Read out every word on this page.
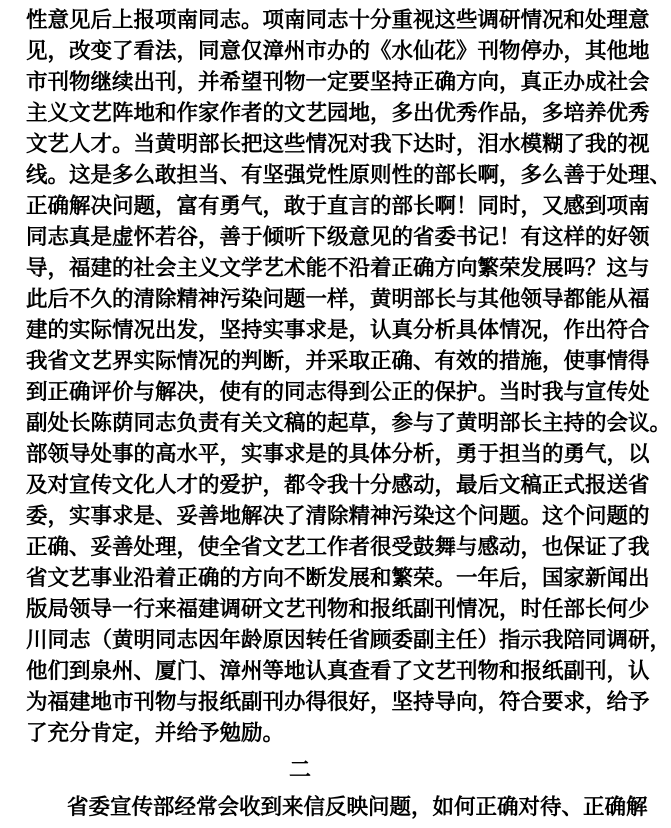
性意见后上报项南同志。项南同志十分重视这些调研情况和处理意
见，改变了看法，同意仅漳州市办的《水仙花》刊物停办，其他地
市刊物继续出刊，并希望刊物一定要坚持正确方向，真正办成社会
主义文艺阵地和作家作者的文艺园地，多出优秀作品，多培养优秀
文艺人才。当黄明部长把这些情况对我下达时，泪水模糊了我的视
线。这是多么敢担当、有坚强党性原则性的部长啊，多么善于处理、
正确解决问题，富有勇气，敢于直言的部长啊！同时，又感到项南
同志真是虚怀若谷，善于倾听下级意见的省委书记！有这样的好领
导，福建的社会主义文学艺术能不沿着正确方向繁荣发展吗？这与
此后不久的清除精神污染问题一样，黄明部长与其他领导都能从福
建的实际情况出发，坚持实事求是，认真分析具体情况，作出符合
我省文艺界实际情况的判断，并采取正确、有效的措施，使事情得
到正确评价与解决，使有的同志得到公正的保护。当时我与宣传处
副处长陈荫同志负责有关文稿的起草，参与了黄明部长主持的会议。
部领导处事的高水平，实事求是的具体分析，勇于担当的勇气，以
及对宣传文化人才的爱护，都令我十分感动，最后文稿正式报送省
委，实事求是、妥善地解决了清除精神污染这个问题。这个问题的
正确、妥善处理，使全省文艺工作者很受鼓舞与感动，也保证了我
省文艺事业沿着正确的方向不断发展和繁荣。一年后，国家新闻出
版局领导一行来福建调研文艺刊物和报纸副刊情况，时任部长何少
川同志（黄明同志因年龄原因转任省顾委副主任）指示我陪同调研，
他们到泉州、厦门、漳州等地认真查看了文艺刊物和报纸副刊，认
为福建地市刊物与报纸副刊办得很好，坚持导向，符合要求，给予
了充分肯定，并给予勉励。
二
省委宣传部经常会收到来信反映问题，如何正确对待、正确解
